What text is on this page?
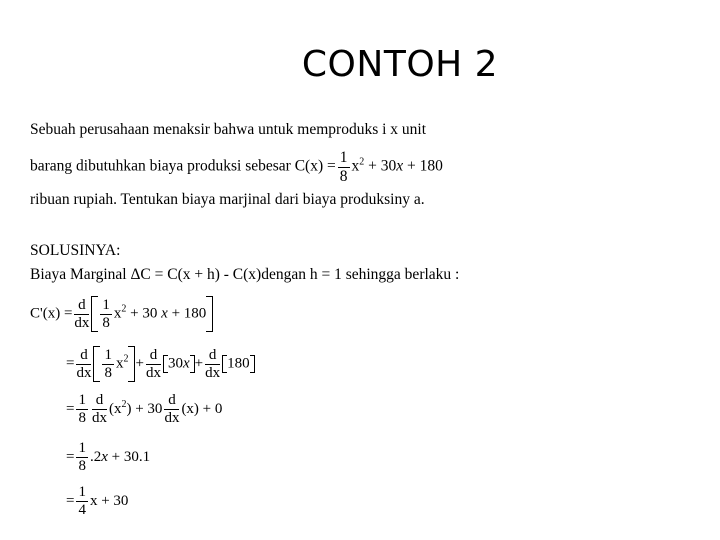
CONTOH 2
Sebuah perusahaan menaksir bahwa untuk memproduks i x unit
barang dibutuhkan biaya produksi sebesar $C(x) = \frac{1}{8} x^2 + 30x + 180$
ribuan rupiah. Tentukan biaya marjinal dari biaya produksiny a.
SOLUSINYA:
Biaya Marginal ΔC = C(x + h) - C(x)dengan h = 1 sehingga berlaku :
$C'(x) = \frac{d}{dx} \frac{1}{8} x^2 + 30$ x + 180
= $\frac{d}{dx} \frac{1}{8} x^2 + \frac{d}{dx} 30x + \frac{d}{dx} 180$
= $\frac{1}{8} \frac{d}{dx} (x^2) + 30 \frac{d}{dx} (x) + 0$
= $\frac{1}{8} .2x + 30.1$
= $\frac{1}{4}$ x + 30
